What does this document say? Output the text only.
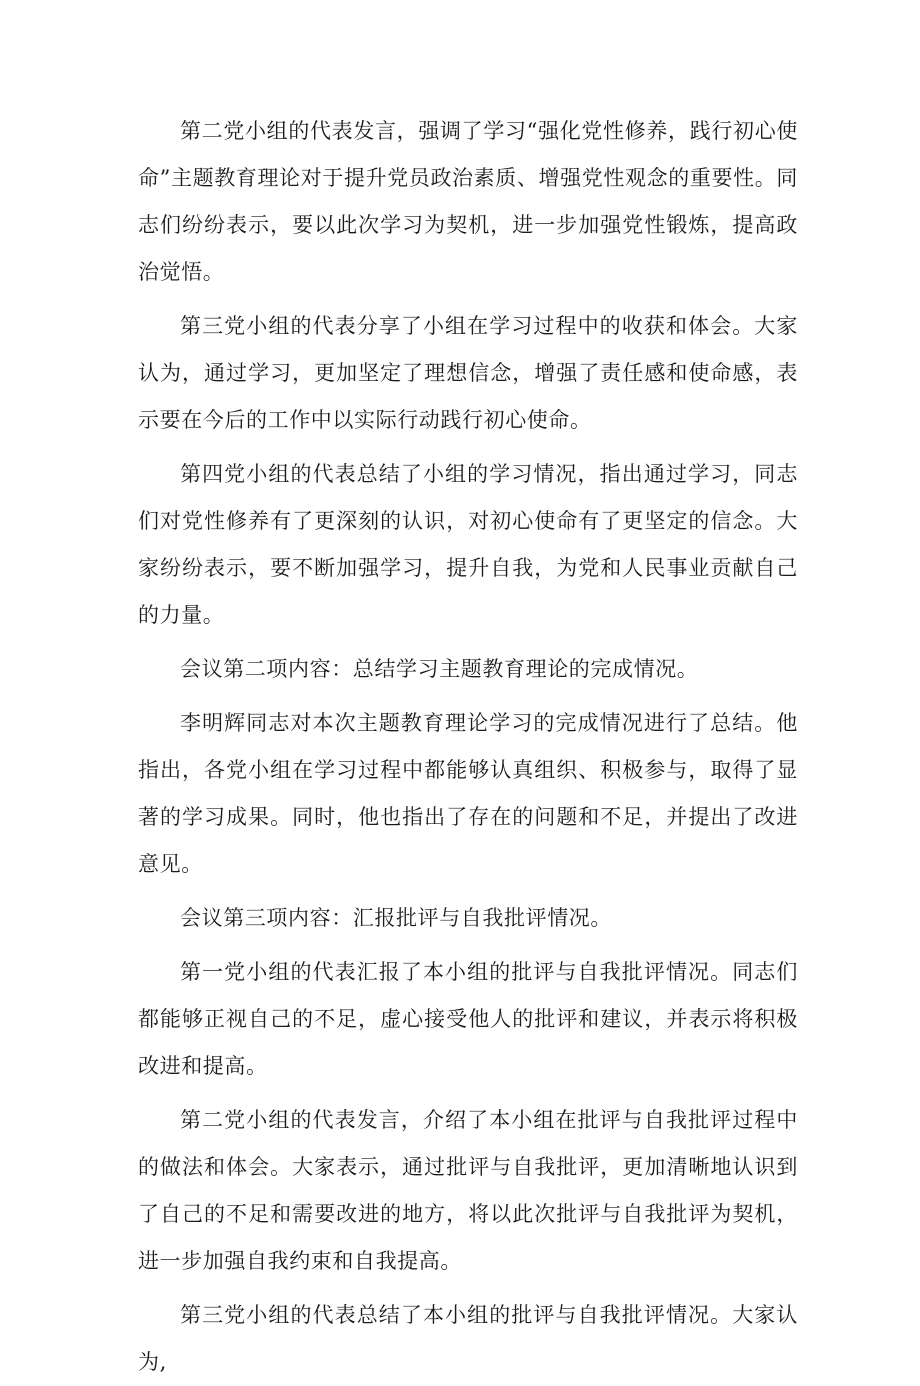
第二党小组的代表发言，强调了学习“强化党性修养，践行初心使命”主题教育理论对于提升党员政治素质、增强党性观念的重要性。同志们纷纷表示，要以此次学习为契机，进一步加强党性锻炼，提高政治觉悟。

第三党小组的代表分享了小组在学习过程中的收获和体会。大家认为，通过学习，更加坚定了理想信念，增强了责任感和使命感，表示要在今后的工作中以实际行动践行初心使命。

第四党小组的代表总结了小组的学习情况，指出通过学习，同志们对党性修养有了更深刻的认识，对初心使命有了更坚定的信念。大家纷纷表示，要不断加强学习，提升自我，为党和人民事业贡献自己的力量。

会议第二项内容：总结学习主题教育理论的完成情况。

李明辉同志对本次主题教育理论学习的完成情况进行了总结。他指出，各党小组在学习过程中都能够认真组织、积极参与，取得了显著的学习成果。同时，他也指出了存在的问题和不足，并提出了改进意见。

会议第三项内容：汇报批评与自我批评情况。

第一党小组的代表汇报了本小组的批评与自我批评情况。同志们都能够正视自己的不足，虚心接受他人的批评和建议，并表示将积极改进和提高。

第二党小组的代表发言，介绍了本小组在批评与自我批评过程中的做法和体会。大家表示，通过批评与自我批评，更加清晰地认识到了自己的不足和需要改进的地方，将以此次批评与自我批评为契机，进一步加强自我约束和自我提高。

第三党小组的代表总结了本小组的批评与自我批评情况。大家认为,
